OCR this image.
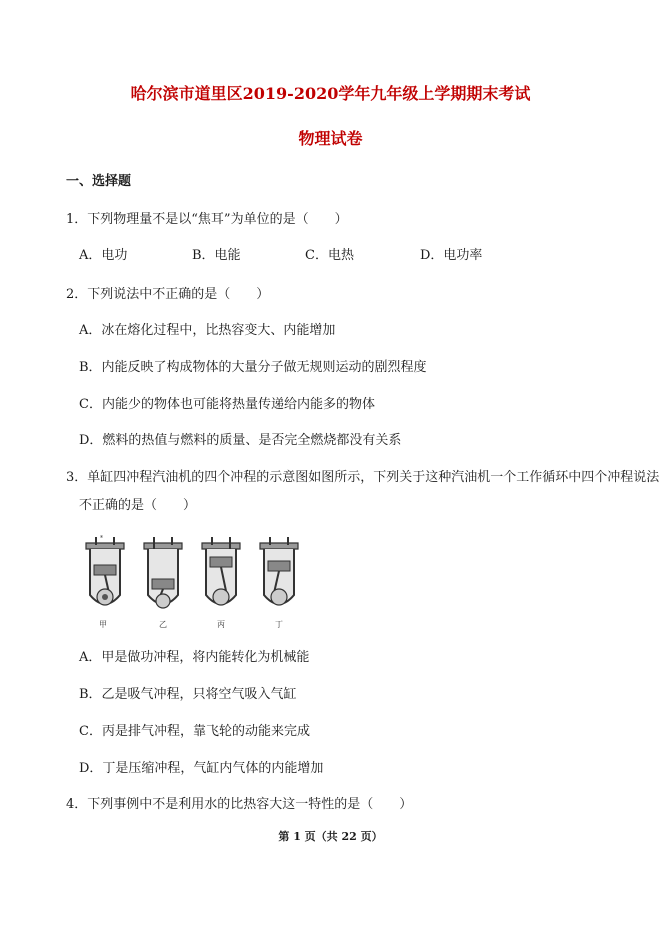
哈尔滨市道里区2019-2020学年九年级上学期期末考试
物理试卷
一、选择题
1．下列物理量不是以“焦耳”为单位的是（　　）
A．电功	B．电能	C．电热	D．电功率
2．下列说法中不正确的是（　　）
A．冰在熔化过程中，比热容变大、内能增加
B．内能反映了构成物体的大量分子做无规则运动的剧烈程度
C．内能少的物体也可能将热量传递给内能多的物体
D．燃料的热值与燃料的质量、是否完全燃烧都没有关系
3．单缸四冲程汽油机的四个冲程的示意图如图所示，下列关于这种汽油机一个工作循环中四个冲程说法
不正确的是（　　）
*
甲	乙	丙	丁
A．甲是做功冲程，将内能转化为机械能
B．乙是吸气冲程，只将空气吸入气缸
C．丙是排气冲程，靠飞轮的动能来完成
D．丁是压缩冲程，气缸内气体的内能增加
4．下列事例中不是利用水的比热容大这一特性的是（　　）
第 1 页（共 22 页）
